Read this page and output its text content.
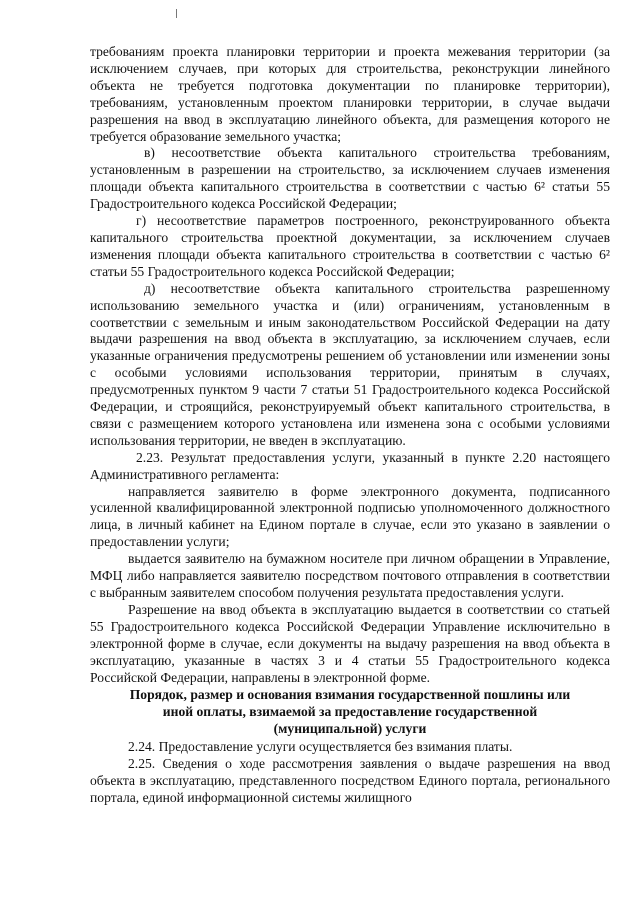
требованиям проекта планировки территории и проекта межевания территории (за исключением случаев, при которых для строительства, реконструкции линейного объекта не требуется подготовка документации по планировке территории), требованиям, установленным проектом планировки территории, в случае выдачи разрешения на ввод в эксплуатацию линейного объекта, для размещения которого не требуется образование земельного участка;

в) несоответствие объекта капитального строительства требованиям, установленным в разрешении на строительство, за исключением случаев изменения площади объекта капитального строительства в соответствии с частью 6² статьи 55 Градостроительного кодекса Российской Федерации;

г) несоответствие параметров построенного, реконструированного объекта капитального строительства проектной документации, за исключением случаев изменения площади объекта капитального строительства в соответствии с частью 6² статьи 55 Градостроительного кодекса Российской Федерации;

д) несоответствие объекта капитального строительства разрешенному использованию земельного участка и (или) ограничениям, установленным в соответствии с земельным и иным законодательством Российской Федерации на дату выдачи разрешения на ввод объекта в эксплуатацию, за исключением случаев, если указанные ограничения предусмотрены решением об установлении или изменении зоны с особыми условиями использования территории, принятым в случаях, предусмотренных пунктом 9 части 7 статьи 51 Градостроительного кодекса Российской Федерации, и строящийся, реконструируемый объект капитального строительства, в связи с размещением которого установлена или изменена зона с особыми условиями использования территории, не введен в эксплуатацию.

2.23. Результат предоставления услуги, указанный в пункте 2.20 настоящего Административного регламента:

направляется заявителю в форме электронного документа, подписанного усиленной квалифицированной электронной подписью уполномоченного должностного лица, в личный кабинет на Едином портале в случае, если это указано в заявлении о предоставлении услуги;

выдается заявителю на бумажном носителе при личном обращении в Управление, МФЦ либо направляется заявителю посредством почтового отправления в соответствии с выбранным заявителем способом получения результата предоставления услуги.

Разрешение на ввод объекта в эксплуатацию выдается в соответствии со статьей 55 Градостроительного кодекса Российской Федерации Управление исключительно в электронной форме в случае, если документы на выдачу разрешения на ввод объекта в эксплуатацию, указанные в частях 3 и 4 статьи 55 Градостроительного кодекса Российской Федерации, направлены в электронной форме.

Порядок, размер и основания взимания государственной пошлины или
иной оплаты, взимаемой за предоставление государственной
(муниципальной) услуги

2.24. Предоставление услуги осуществляется без взимания платы.

2.25. Сведения о ходе рассмотрения заявления о выдаче разрешения на ввод объекта в эксплуатацию, представленного посредством Единого портала, регионального портала, единой информационной системы жилищного
